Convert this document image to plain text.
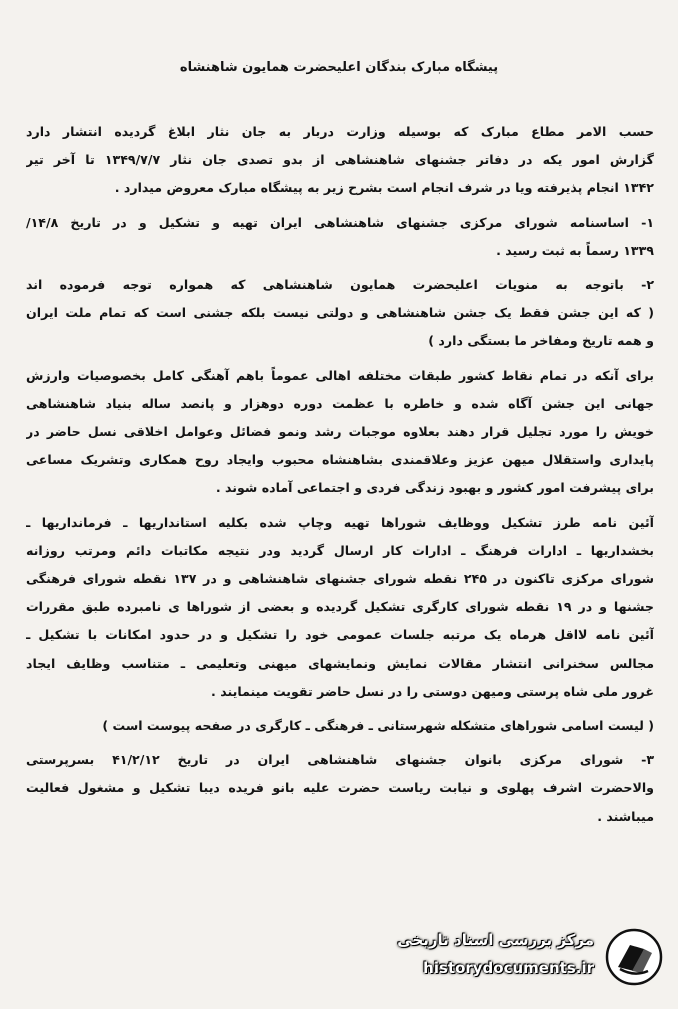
پیشگاه مبارک بندگان اعلیحضرت همایون شاهنشاه
حسب الامر مطاع مبارک که بوسیله وزارت دربار به جان نثار ابلاغ گردیده انتشار دارد
گزارش امور یکه در دفاتر جشنهای شاهنشاهی از بدو تصدی جان نثار ۱۳۴۹/۷/۷ تا آخر تیر
۱۳۴۲ انجام پذیرفته ویا در شرف انجام است بشرح زیر به پیشگاه مبارک معروض میدارد .
۱- اساسنامه شورای مرکزی جشنهای شاهنشاهی ایران تهیه و تشکیل و در تاریخ ۱۴/۸/
۱۳۳۹ رسماً به ثبت رسید .
۲- باتوجه به منویات اعلیحضرت همایون شاهنشاهی که همواره توجه فرموده اند
( که این جشن فقط یک جشن شاهنشاهی و دولتی نیست بلکه جشنی است که تمام ملت ایران
و همه تاریخ ومفاخر ما بستگی دارد )
برای آنکه در تمام نقاط کشور طبقات مختلفه اهالی عموماً باهم آهنگی کامل بخصوصیات وارزش
جهانی این جشن آگاه شده و خاطره با عظمت دوره دوهزار و پانصد ساله بنیاد شاهنشاهی
خویش را مورد تجلیل قرار دهند بعلاوه موجبات رشد ونمو فضائل وعوامل اخلاقی نسل حاضر در
پایداری واستقلال میهن عزیز وعلاقمندی بشاهنشاه محبوب وایجاد روح همکاری وتشریک مساعی
برای پیشرفت امور کشور و بهبود زندگی فردی و اجتماعی آماده شوند .
آئین نامه طرز تشکیل ووظایف شوراها تهیه وچاپ شده بکلیه استانداریها ـ فرمانداریها ـ
بخشداریها ـ ادارات فرهنگ ـ ادارات کار ارسال گردید ودر نتیجه مکاتبات دائم ومرتب روزانه
شورای مرکزی تاکنون در ۲۴۵ نقطه شورای جشنهای شاهنشاهی و در ۱۳۷ نقطه شورای فرهنگی
جشنها و در ۱۹ نقطه شورای کارگری تشکیل گردیده و بعضی از شوراها ی نامبرده طبق مقررات
آئین نامه لااقل هرماه یک مرتبه جلسات عمومی خود را تشکیل و در حدود امکانات با تشکیل ـ
مجالس سخنرانی انتشار مقالات نمایش ونمایشهای میهنی وتعلیمی ـ متناسب وظایف ایجاد
غرور ملی شاه پرستی ومیهن دوستی را در نسل حاضر تقویت مینمایند .
( لیست اسامی شوراهای متشکله شهرستانی ـ فرهنگی ـ کارگری در صفحه پیوست است )
۳- شورای مرکزی بانوان جشنهای شاهنشاهی ایران در تاریخ ۴۱/۲/۱۲ بسرپرستی
والاحضرت اشرف پهلوی و نیابت ریاست حضرت علیه بانو فریده دیبا تشکیل و مشغول فعالیت
میباشند .
مرکز بررسی اسناد تاریخی
historydocuments.ir
